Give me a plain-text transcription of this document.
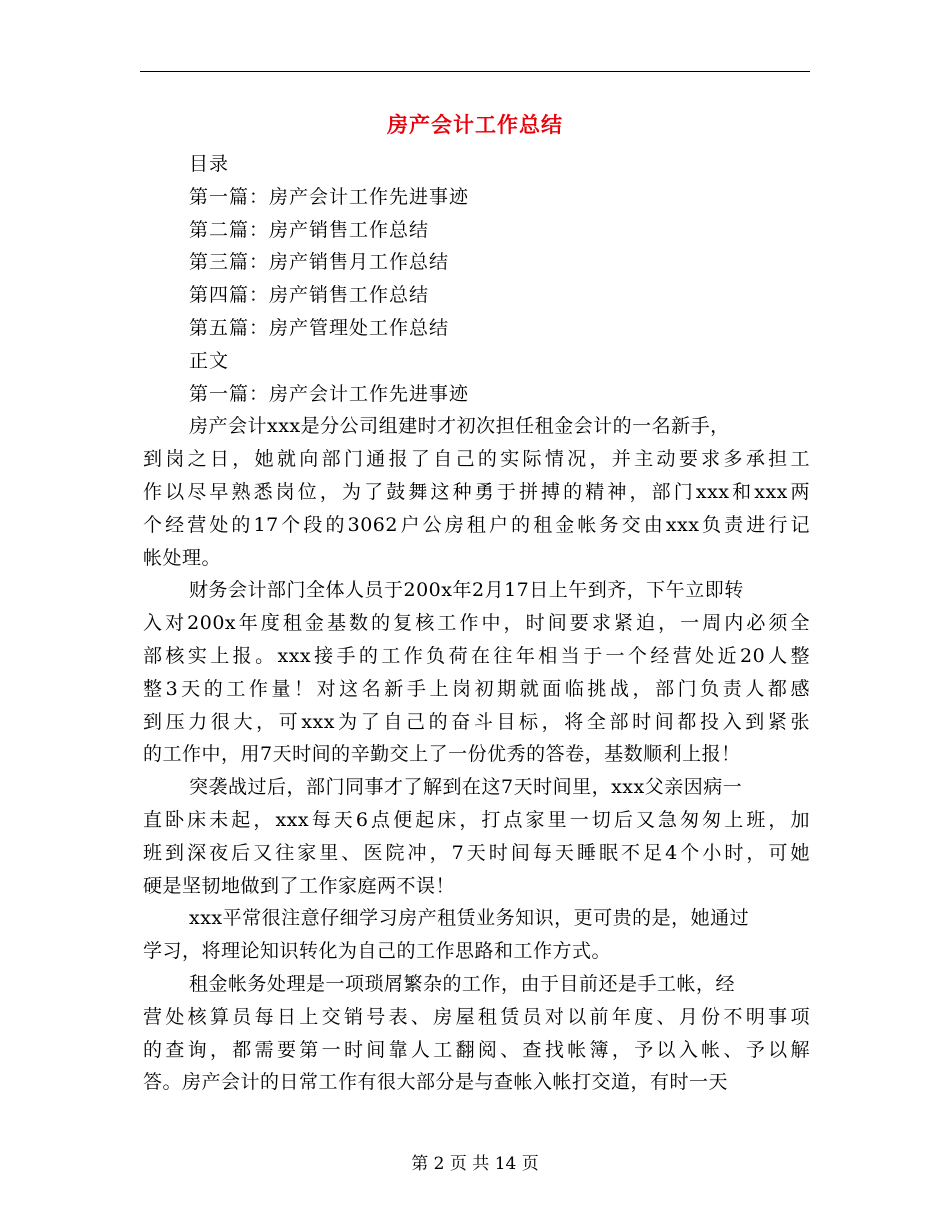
房产会计工作总结
目录
第一篇：房产会计工作先进事迹
第二篇：房产销售工作总结
第三篇：房产销售月工作总结
第四篇：房产销售工作总结
第五篇：房产管理处工作总结
正文
第一篇：房产会计工作先进事迹
房产会计xxx是分公司组建时才初次担任租金会计的一名新手，
到岗之日，她就向部门通报了自己的实际情况，并主动要求多承担工
作以尽早熟悉岗位，为了鼓舞这种勇于拼搏的精神，部门xxx和xxx两
个经营处的17个段的3062户公房租户的租金帐务交由xxx负责进行记
帐处理。
财务会计部门全体人员于200x年2月17日上午到齐，下午立即转
入对200x年度租金基数的复核工作中，时间要求紧迫，一周内必须全
部核实上报。xxx接手的工作负荷在往年相当于一个经营处近20人整
整3天的工作量！对这名新手上岗初期就面临挑战，部门负责人都感
到压力很大，可xxx为了自己的奋斗目标，将全部时间都投入到紧张
的工作中，用7天时间的辛勤交上了一份优秀的答卷，基数顺利上报！
突袭战过后，部门同事才了解到在这7天时间里，xxx父亲因病一
直卧床未起，xxx每天6点便起床，打点家里一切后又急匆匆上班，加
班到深夜后又往家里、医院冲，7天时间每天睡眠不足4个小时，可她
硬是坚韧地做到了工作家庭两不误！
xxx平常很注意仔细学习房产租赁业务知识，更可贵的是，她通过
学习，将理论知识转化为自己的工作思路和工作方式。
租金帐务处理是一项琐屑繁杂的工作，由于目前还是手工帐，经
营处核算员每日上交销号表、房屋租赁员对以前年度、月份不明事项
的查询，都需要第一时间靠人工翻阅、查找帐簿，予以入帐、予以解
答。房产会计的日常工作有很大部分是与查帐入帐打交道，有时一天
第 2 页 共 14 页
